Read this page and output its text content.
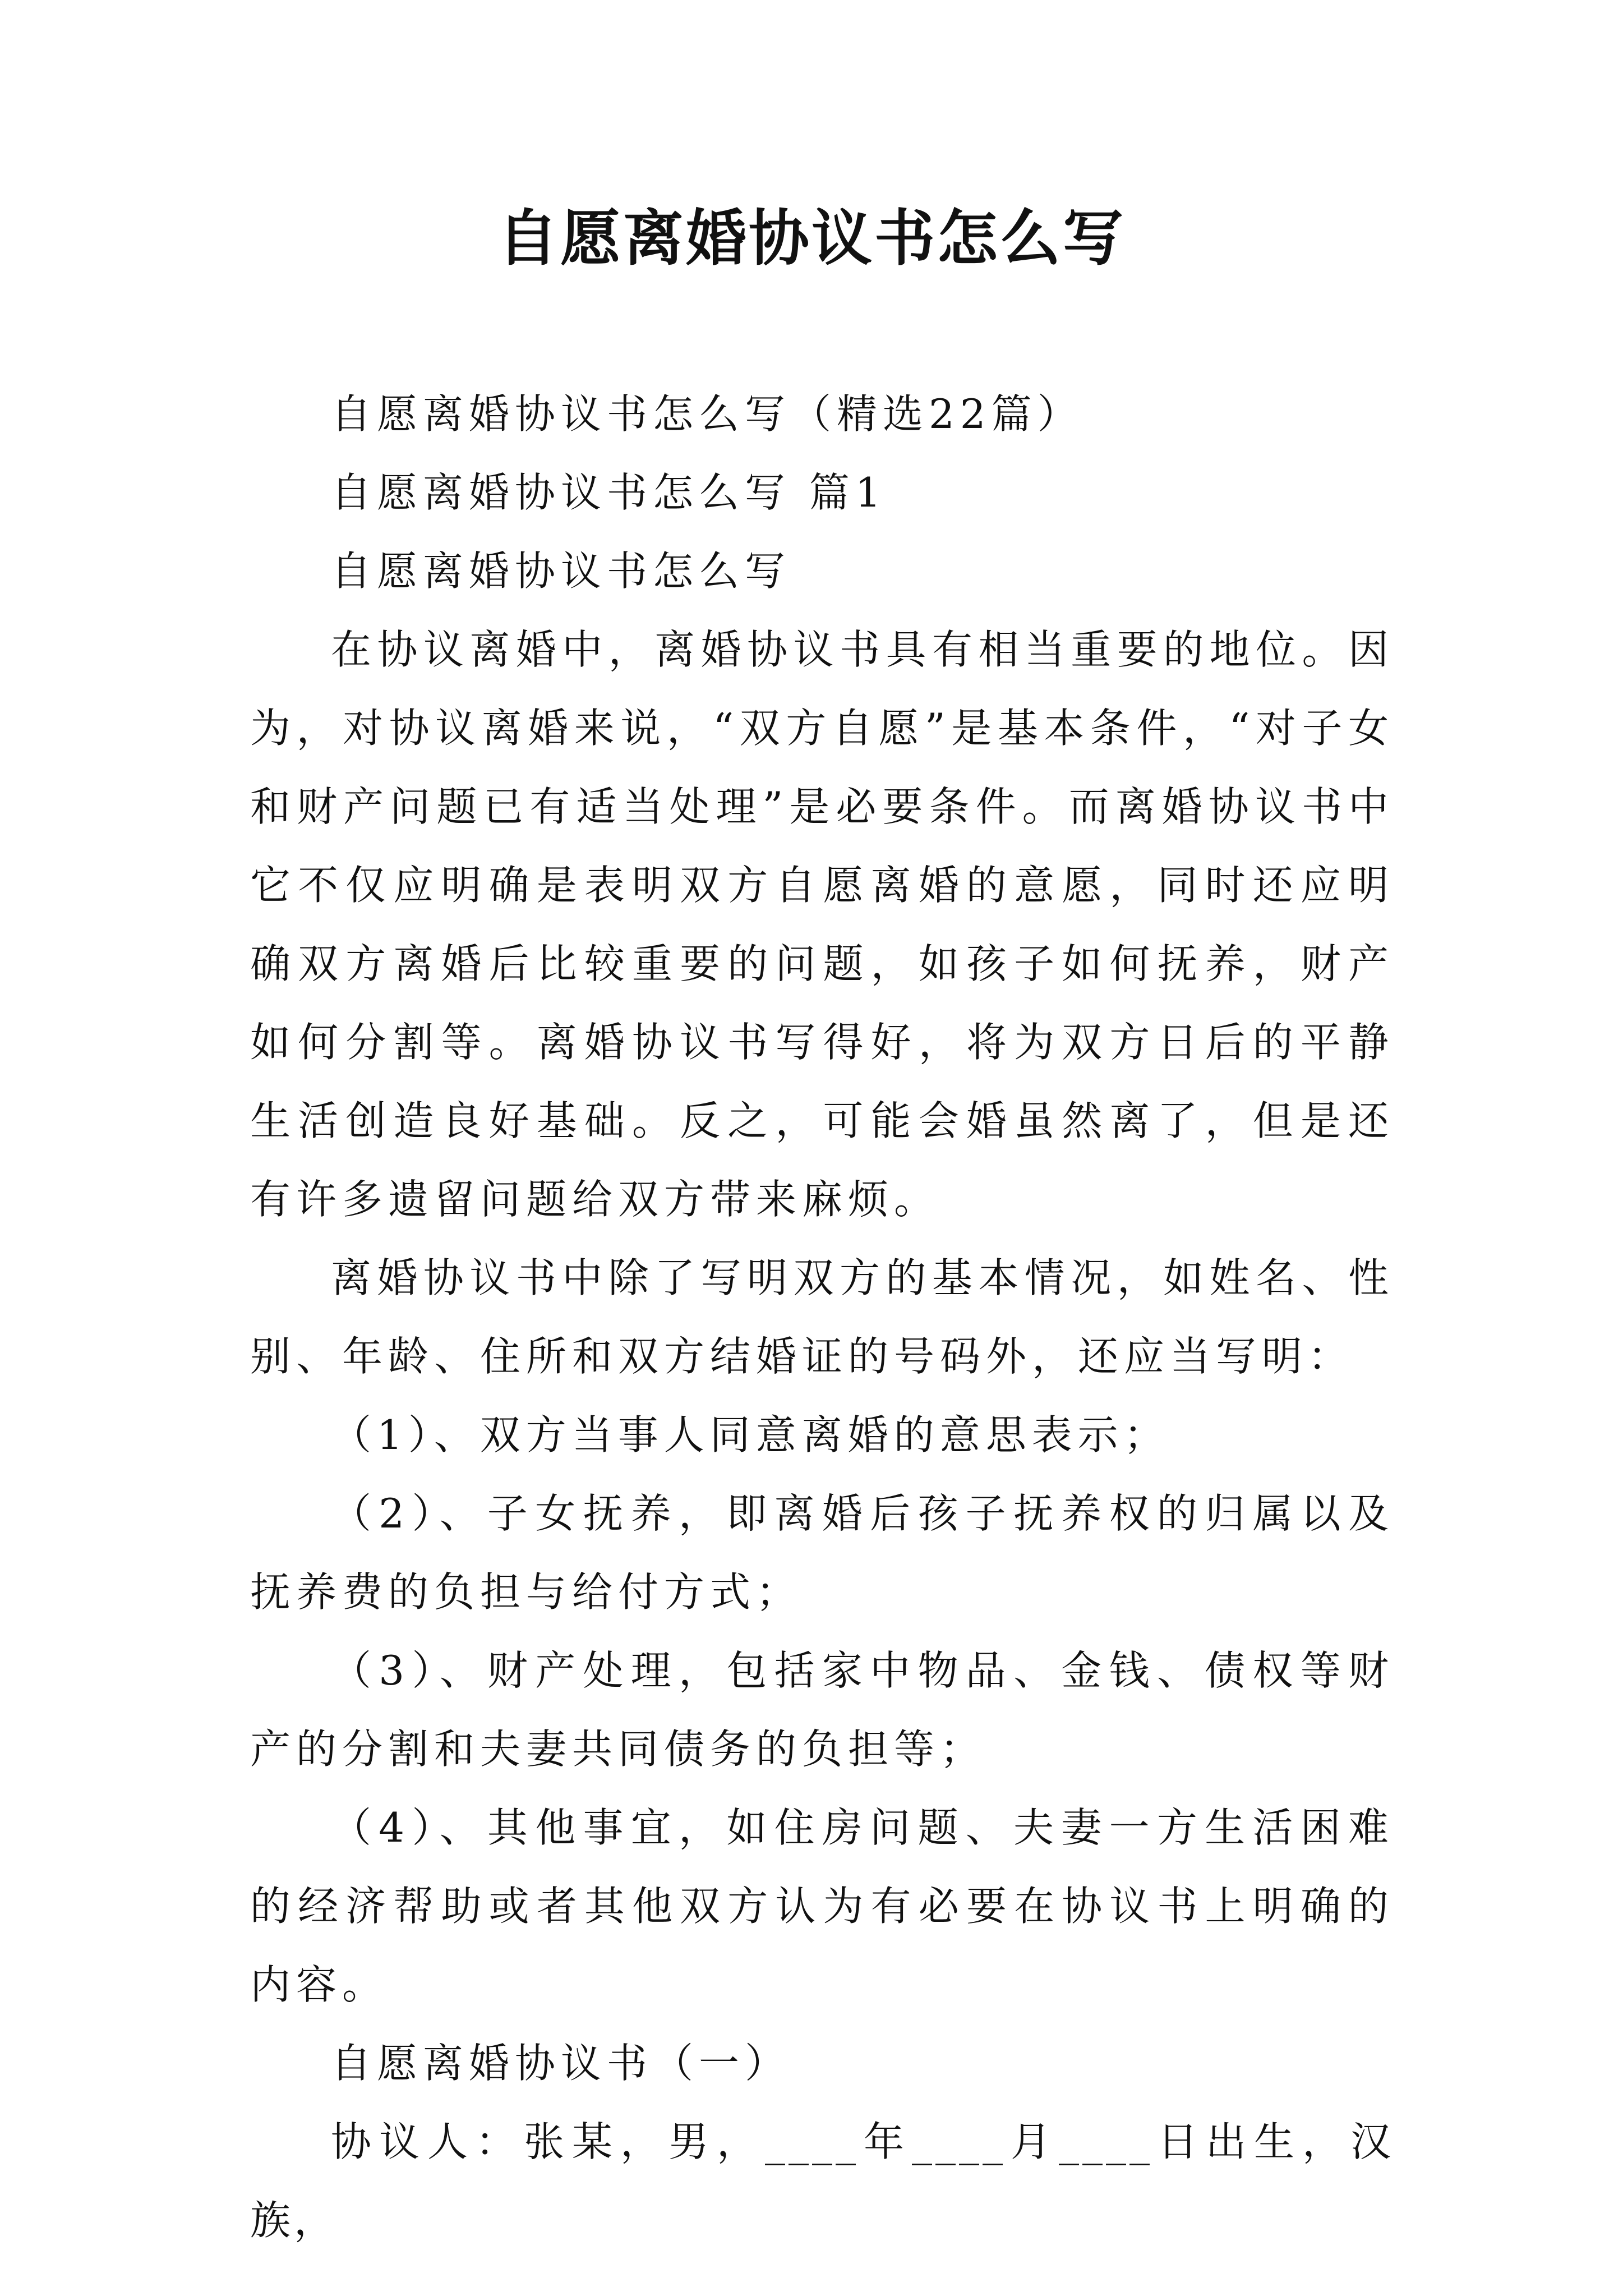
自愿离婚协议书怎么写

自愿离婚协议书怎么写（精选22篇）

自愿离婚协议书怎么写 篇1

自愿离婚协议书怎么写

在协议离婚中，离婚协议书具有相当重要的地位。因为，对协议离婚来说，“双方自愿”是基本条件，“对子女和财产问题已有适当处理”是必要条件。而离婚协议书中它不仅应明确是表明双方自愿离婚的意愿，同时还应明确双方离婚后比较重要的问题，如孩子如何抚养，财产如何分割等。离婚协议书写得好，将为双方日后的平静生活创造良好基础。反之，可能会婚虽然离了，但是还有许多遗留问题给双方带来麻烦。

离婚协议书中除了写明双方的基本情况，如姓名、性别、年龄、住所和双方结婚证的号码外，还应当写明：

（1）、双方当事人同意离婚的意思表示；

（2）、子女抚养，即离婚后孩子抚养权的归属以及抚养费的负担与给付方式；

（3）、财产处理，包括家中物品、金钱、债权等财产的分割和夫妻共同债务的负担等；

（4）、其他事宜，如住房问题、夫妻一方生活困难的经济帮助或者其他双方认为有必要在协议书上明确的内容。

自愿离婚协议书（一）

协议人：张某，男，____年____月____日出生，汉族，
